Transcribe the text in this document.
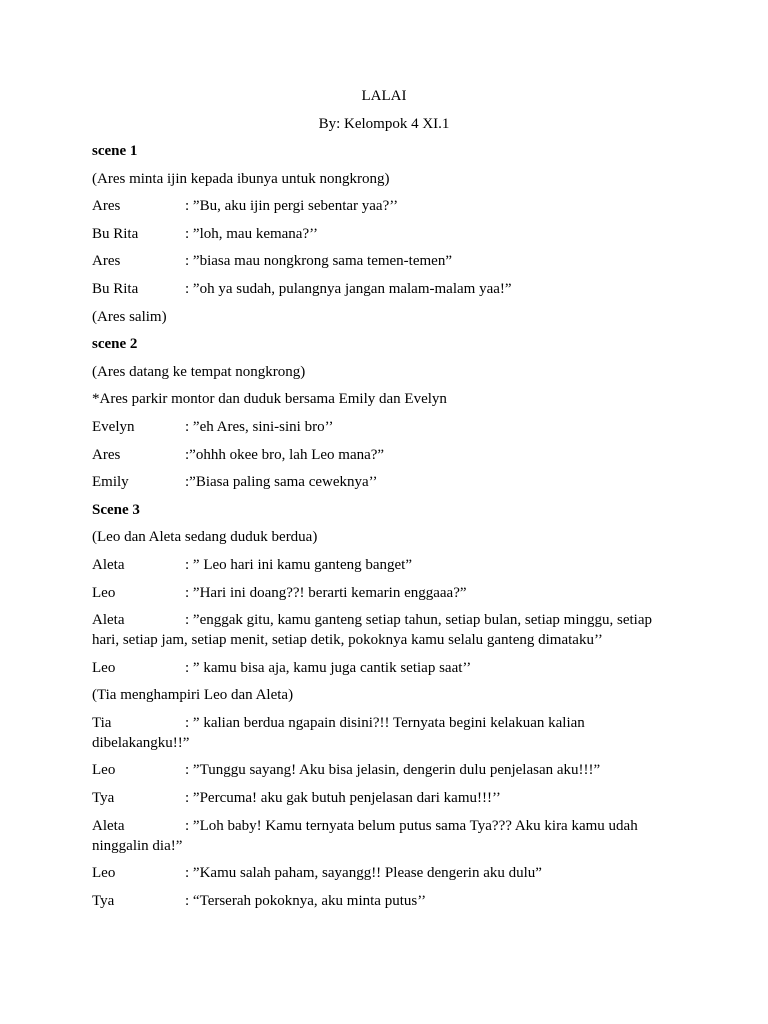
LALAI
By: Kelompok 4 XI.1
scene 1
(Ares minta ijin kepada ibunya untuk nongkrong)
Ares	: ”Bu, aku ijin pergi sebentar yaa?’’
Bu Rita	: ”loh, mau kemana?’’
Ares	: ”biasa mau nongkrong sama temen-temen”
Bu Rita	: ”oh ya sudah, pulangnya jangan malam-malam yaa!”
(Ares salim)
scene 2
(Ares datang ke tempat nongkrong)
*Ares parkir montor dan duduk bersama Emily dan Evelyn
Evelyn	: ”eh Ares, sini-sini bro’’
Ares	:”ohhh okee bro, lah Leo mana?”
Emily	:”Biasa paling sama ceweknya’’
Scene 3
(Leo dan Aleta sedang duduk berdua)
Aleta	: ” Leo hari ini kamu ganteng banget”
Leo	: ”Hari ini doang??! berarti kemarin enggaaa?”
Aleta	: ”enggak gitu, kamu ganteng setiap tahun, setiap bulan, setiap minggu, setiap hari, setiap jam, setiap menit, setiap detik, pokoknya kamu selalu ganteng dimataku’’
Leo	: ” kamu bisa aja, kamu juga cantik setiap saat’’
(Tia menghampiri Leo dan Aleta)
Tia	: ” kalian berdua ngapain disini?!! Ternyata begini kelakuan kalian dibelakangku!!”
Leo	: ”Tunggu sayang! Aku bisa jelasin, dengerin dulu penjelasan aku!!!”
Tya	: ”Percuma! aku gak butuh penjelasan dari kamu!!!’’
Aleta	: ”Loh baby! Kamu ternyata belum putus sama Tya??? Aku kira kamu udah ninggalin dia!”
Leo	: ”Kamu salah paham, sayangg!! Please dengerin aku dulu”
Tya	: “Terserah pokoknya, aku minta putus’’
